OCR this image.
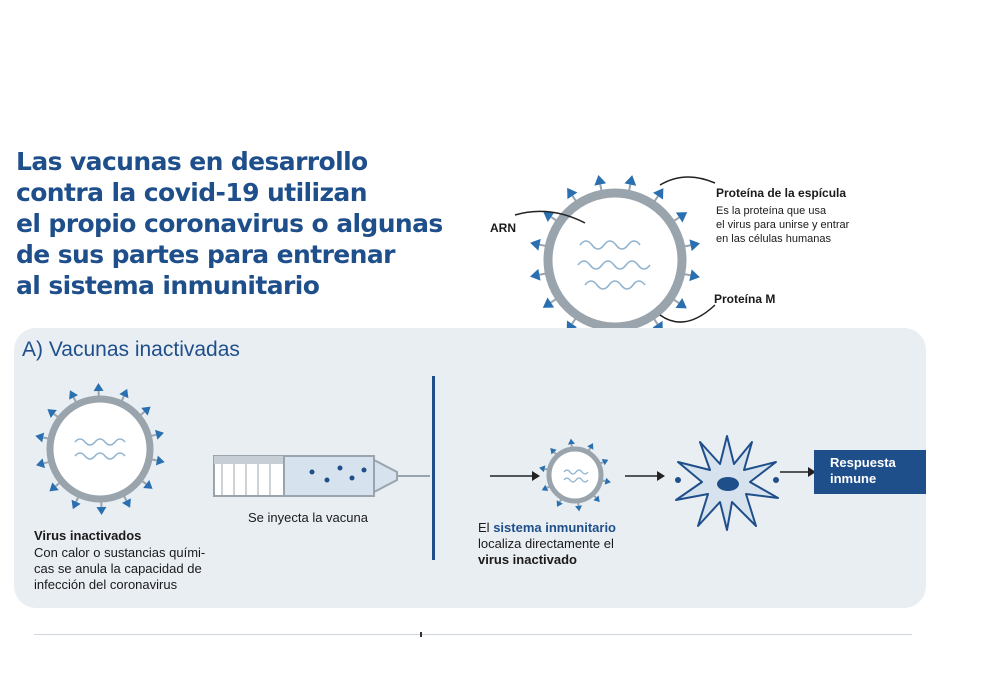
Las vacunas en desarrollo
contra la covid-19 utilizan
el propio coronavirus o algunas
de sus partes para entrenar
al sistema inmunitario
ARN
Proteína de la espícula
Es la proteína que usa
el virus para unirse y entrar
en las células humanas
Proteína M
A) Vacunas inactivadas
Virus inactivados
Con calor o sustancias quími-
cas se anula la capacidad de
infección del coronavirus
Se inyecta la vacuna
Respuesta
inmune
El sistema inmunitario
localiza directamente el
virus inactivado
